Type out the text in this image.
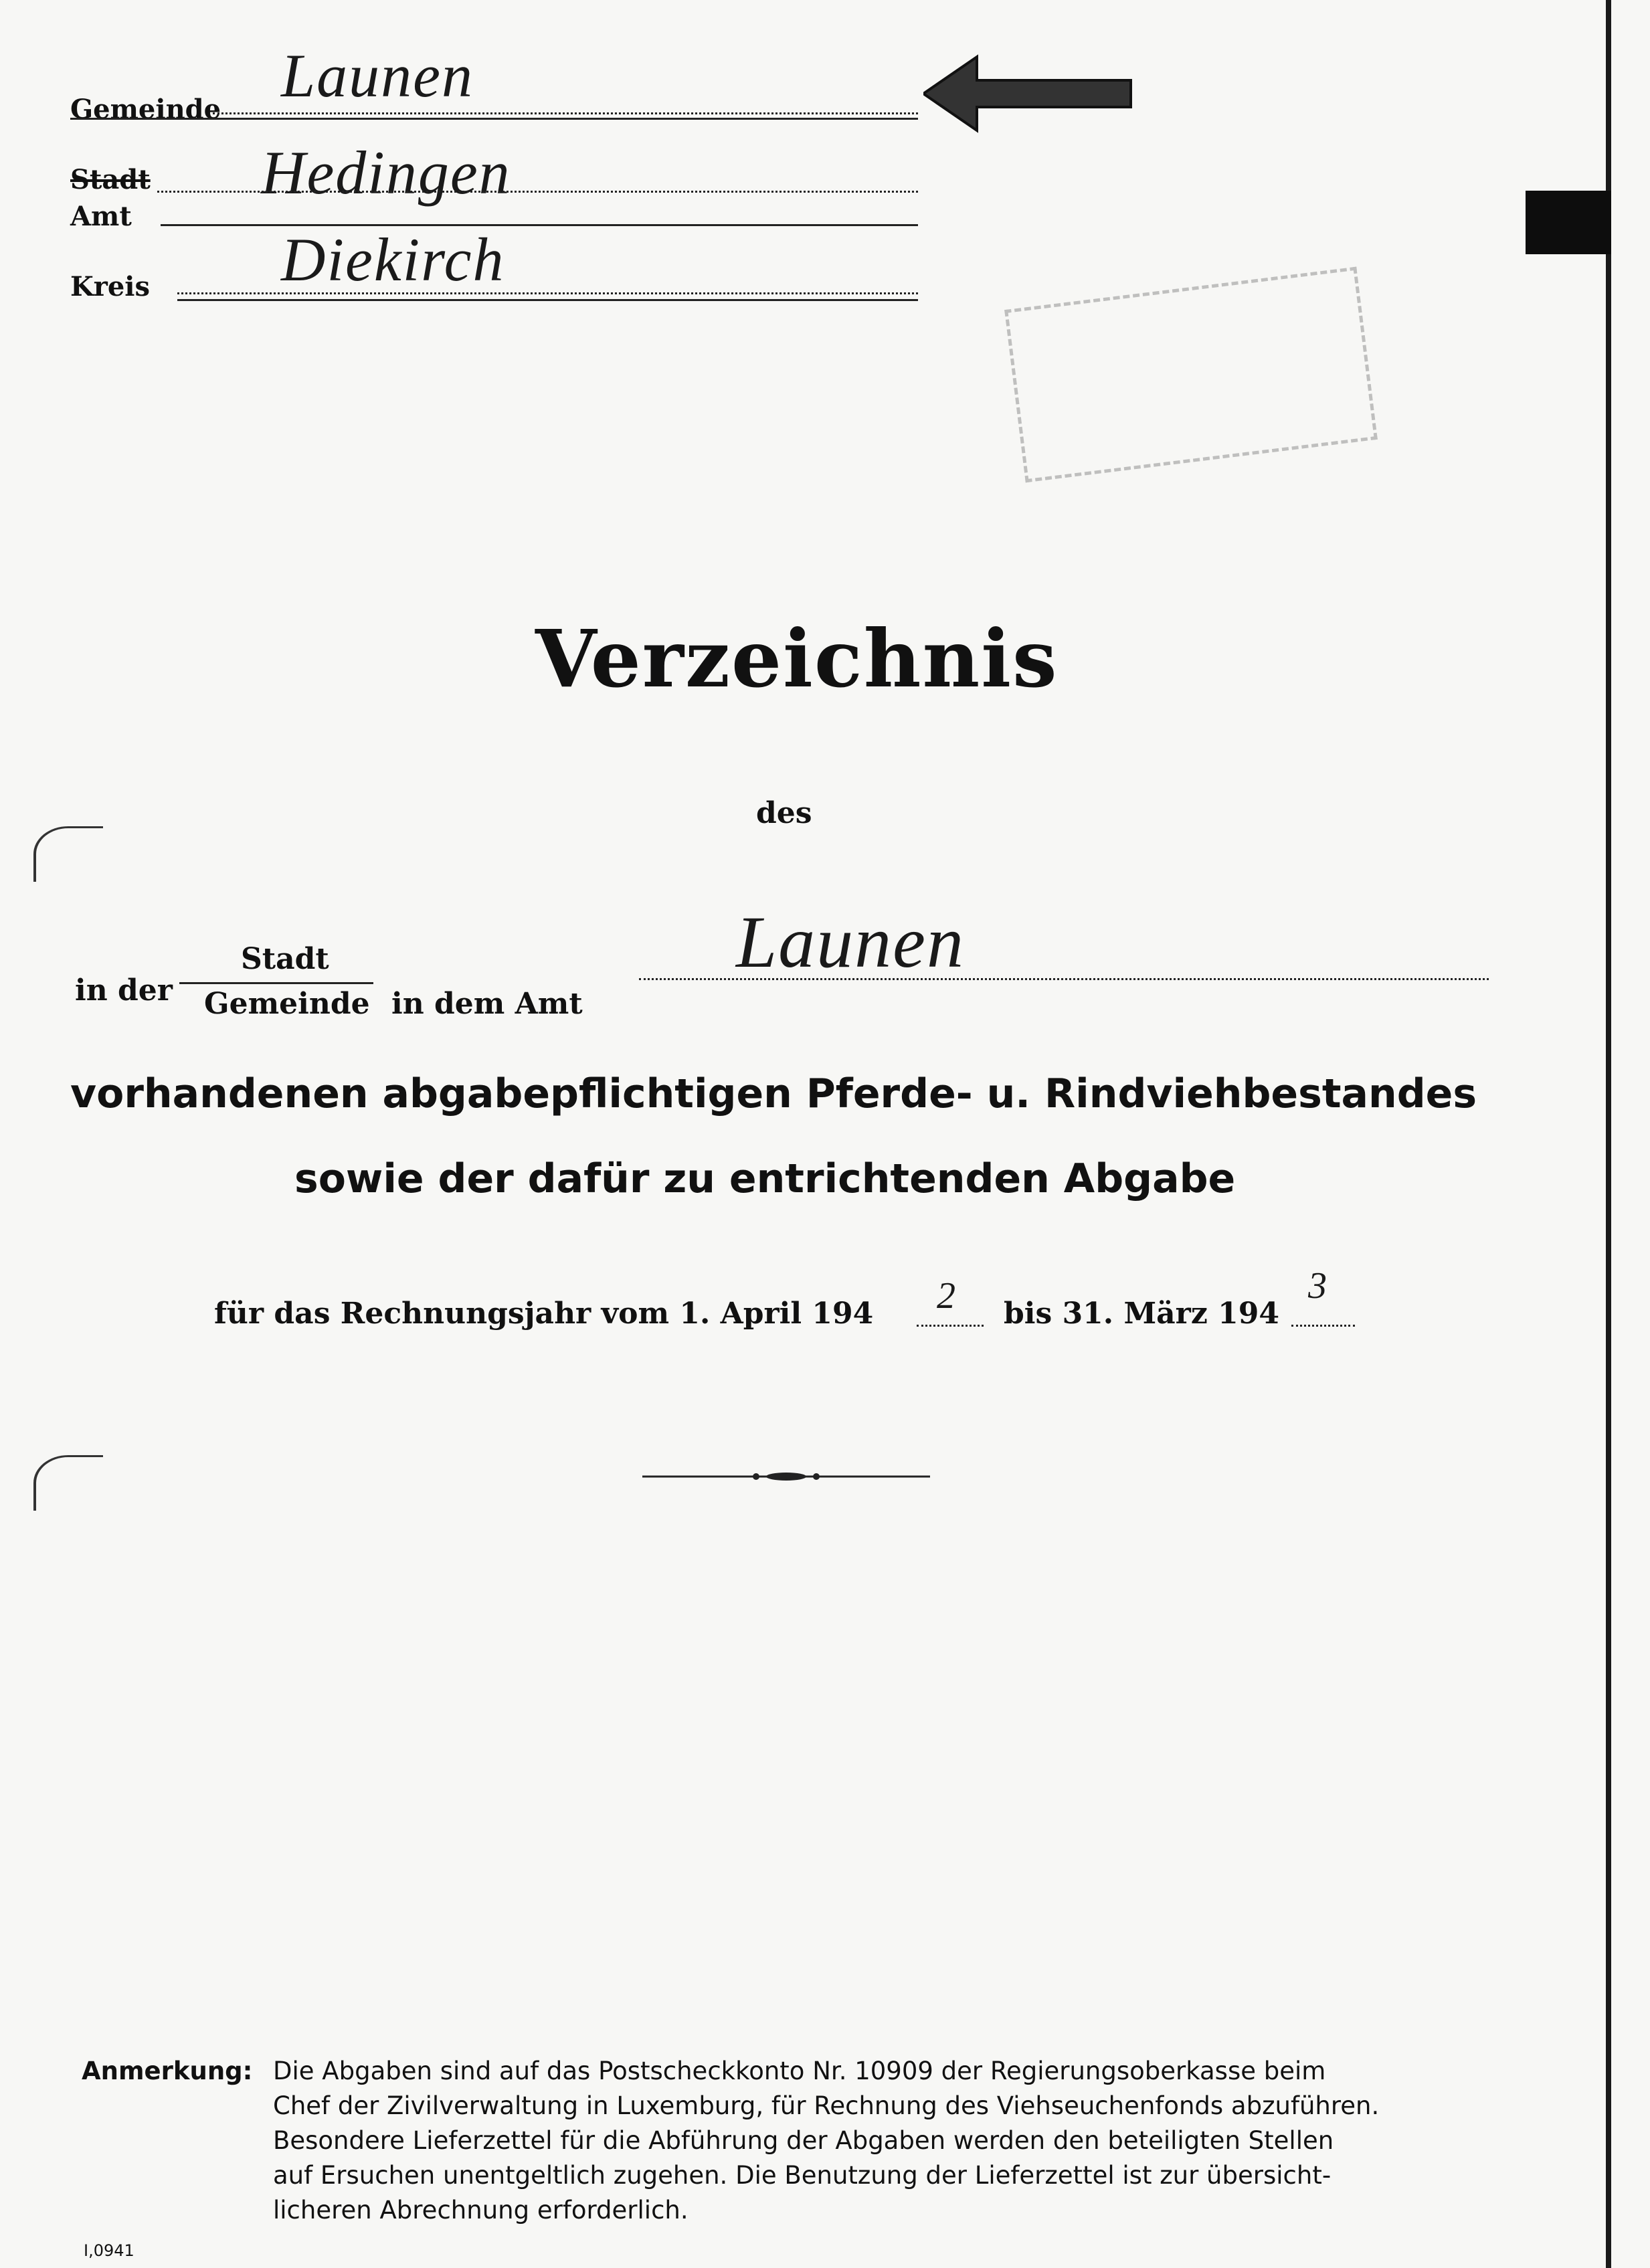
Gemeinde Launen
Stadt Hedingen
Amt
Kreis Diekirch
Verzeichnis
des
in der
Stadt
Gemeinde in dem Amt
Launen
vorhandenen abgabepflichtigen Pferde- u. Rindviehbestandes
sowie der dafür zu entrichtenden Abgabe
für das Rechnungsjahr vom 1. April 194 2 bis 31. März 194
3
Anmerkung: Die Abgaben sind auf das Postscheckkonto Nr. 10909 der Regierungsoberkasse beim
Chef der Zivilverwaltung in Luxemburg, für Rechnung des Viehseuchenfonds abzuführen.
Besondere Lieferzettel für die Abführung der Abgaben werden den beteiligten Stellen
auf Ersuchen unentgeltlich zugehen. Die Benutzung der Lieferzettel ist zur übersicht-
licheren Abrechnung erforderlich.
I,0941
